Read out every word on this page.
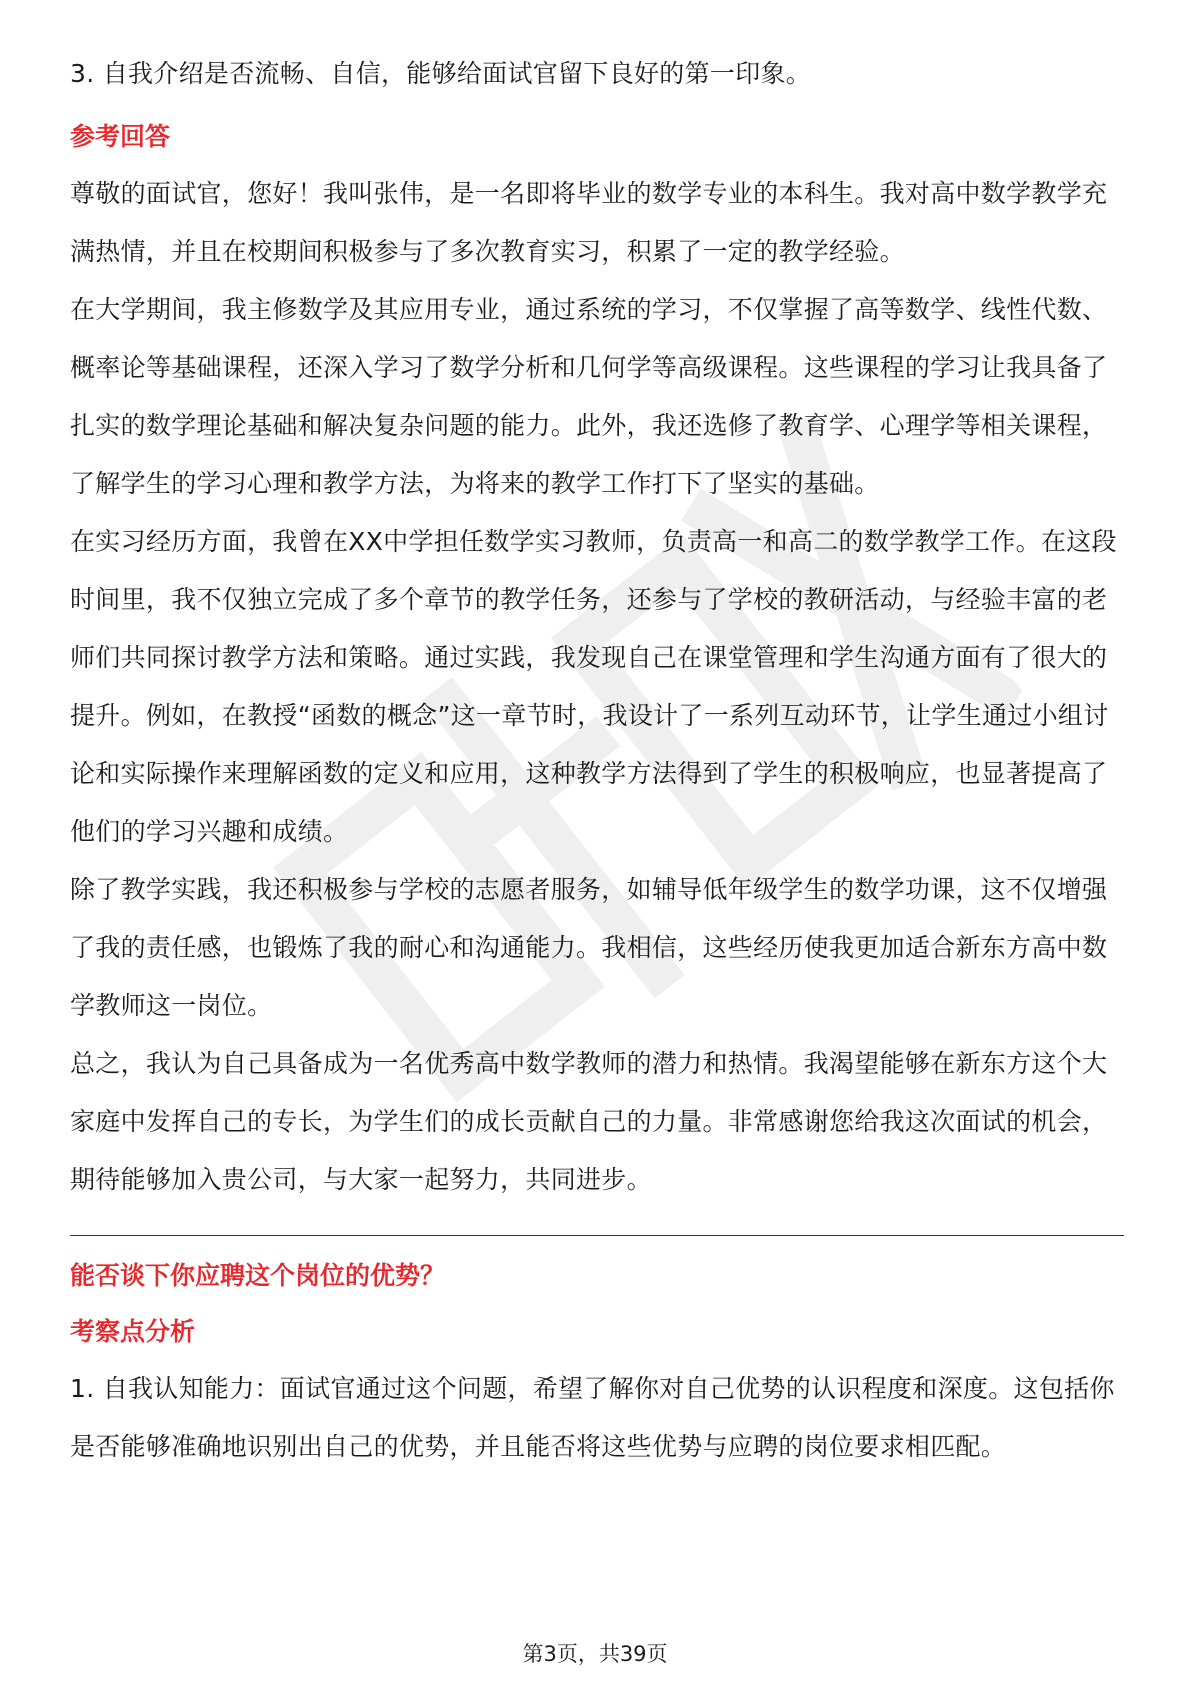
3. 自我介绍是否流畅、自信，能够给面试官留下良好的第一印象。

参考回答

尊敬的面试官，您好！我叫张伟，是一名即将毕业的数学专业的本科生。我对高中数学教学充满热情，并且在校期间积极参与了多次教育实习，积累了一定的教学经验。

在大学期间，我主修数学及其应用专业，通过系统的学习，不仅掌握了高等数学、线性代数、概率论等基础课程，还深入学习了数学分析和几何学等高级课程。这些课程的学习让我具备了扎实的数学理论基础和解决复杂问题的能力。此外，我还选修了教育学、心理学等相关课程，了解学生的学习心理和教学方法，为将来的教学工作打下了坚实的基础。

在实习经历方面，我曾在XX中学担任数学实习教师，负责高一和高二的数学教学工作。在这段时间里，我不仅独立完成了多个章节的教学任务，还参与了学校的教研活动，与经验丰富的老师们共同探讨教学方法和策略。通过实践，我发现自己在课堂管理和学生沟通方面有了很大的提升。例如，在教授“函数的概念”这一章节时，我设计了一系列互动环节，让学生通过小组讨论和实际操作来理解函数的定义和应用，这种教学方法得到了学生的积极响应，也显著提高了他们的学习兴趣和成绩。

除了教学实践，我还积极参与学校的志愿者服务，如辅导低年级学生的数学功课，这不仅增强了我的责任感，也锻炼了我的耐心和沟通能力。我相信，这些经历使我更加适合新东方高中数学教师这一岗位。

总之，我认为自己具备成为一名优秀高中数学教师的潜力和热情。我渴望能够在新东方这个大家庭中发挥自己的专长，为学生们的成长贡献自己的力量。非常感谢您给我这次面试的机会，期待能够加入贵公司，与大家一起努力，共同进步。

能否谈下你应聘这个岗位的优势？

考察点分析

1. 自我认知能力：面试官通过这个问题，希望了解你对自己优势的认识程度和深度。这包括你是否能够准确地识别出自己的优势，并且能否将这些优势与应聘的岗位要求相匹配。

第3页，共39页
